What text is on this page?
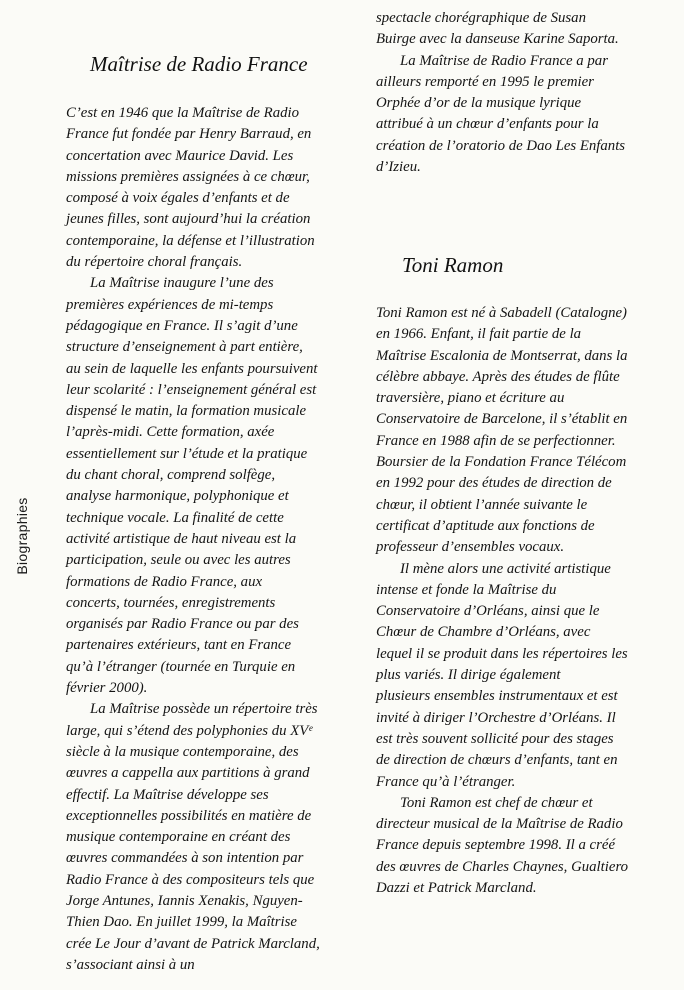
Biographies
Maîtrise de Radio France
C’est en 1946 que la Maîtrise de Radio
France fut fondée par Henry Barraud, en
concertation avec Maurice David. Les
missions premières assignées à ce chœur,
composé à voix égales d’enfants et de
jeunes filles, sont aujourd’hui la création
contemporaine, la défense et l’illustration
du répertoire choral français.
La Maîtrise inaugure l’une des
premières expériences de mi-temps
pédagogique en France. Il s’agit d’une
structure d’enseignement à part entière,
au sein de laquelle les enfants poursuivent
leur scolarité : l’enseignement général est
dispensé le matin, la formation musicale
l’après-midi. Cette formation, axée
essentiellement sur l’étude et la pratique
du chant choral, comprend solfège,
analyse harmonique, polyphonique et
technique vocale. La finalité de cette
activité artistique de haut niveau est la
participation, seule ou avec les autres
formations de Radio France, aux
concerts, tournées, enregistrements
organisés par Radio France ou par des
partenaires extérieurs, tant en France
qu’à l’étranger (tournée en Turquie en
février 2000).
La Maîtrise possède un répertoire très
large, qui s’étend des polyphonies du XVᵉ
siècle à la musique contemporaine, des
œuvres a cappella aux partitions à grand
effectif. La Maîtrise développe ses
exceptionnelles possibilités en matière de
musique contemporaine en créant des
œuvres commandées à son intention par
Radio France à des compositeurs tels que
Jorge Antunes, Iannis Xenakis, Nguyen-
Thien Dao. En juillet 1999, la Maîtrise
crée Le Jour d’avant de Patrick Marcland,
s’associant ainsi à un
spectacle chorégraphique de Susan
Buirge avec la danseuse Karine Saporta.
La Maîtrise de Radio France a par
ailleurs remporté en 1995 le premier
Orphée d’or de la musique lyrique
attribué à un chœur d’enfants pour la
création de l’oratorio de Dao Les Enfants
d’Izieu.
Toni Ramon
Toni Ramon est né à Sabadell (Catalogne)
en 1966. Enfant, il fait partie de la
Maîtrise Escalonia de Montserrat, dans la
célèbre abbaye. Après des études de flûte
traversière, piano et écriture au
Conservatoire de Barcelone, il s’établit en
France en 1988 afin de se perfectionner.
Boursier de la Fondation France Télécom
en 1992 pour des études de direction de
chœur, il obtient l’année suivante le
certificat d’aptitude aux fonctions de
professeur d’ensembles vocaux.
Il mène alors une activité artistique
intense et fonde la Maîtrise du
Conservatoire d’Orléans, ainsi que le
Chœur de Chambre d’Orléans, avec
lequel il se produit dans les répertoires les
plus variés. Il dirige également
plusieurs ensembles instrumentaux et est
invité à diriger l’Orchestre d’Orléans. Il
est très souvent sollicité pour des stages
de direction de chœurs d’enfants, tant en
France qu’à l’étranger.
Toni Ramon est chef de chœur et
directeur musical de la Maîtrise de Radio
France depuis septembre 1998. Il a créé
des œuvres de Charles Chaynes, Gualtiero
Dazzi et Patrick Marcland.
